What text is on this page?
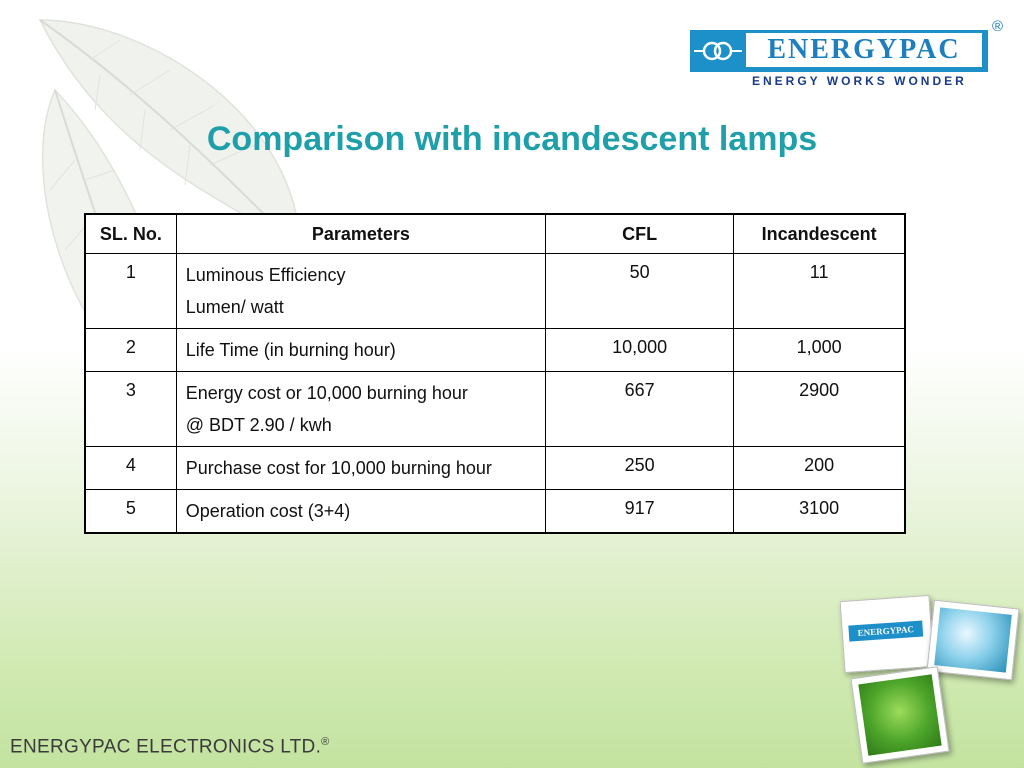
ENERGYPAC
®
ENERGY WORKS WONDER
Comparison with incandescent lamps
SL. No.	Parameters	CFL	Incandescent
1	Luminous Efficiency
Lumen/ watt	50	11
2	Life Time (in burning hour)	10,000	1,000
3	Energy cost or 10,000 burning hour
@ BDT 2.90 / kwh	667	2900
4	Purchase cost for 10,000 burning hour	250	200
5	Operation cost (3+4)	917	3100
ENERGYPAC
ENERGYPAC ELECTRONICS LTD.®
